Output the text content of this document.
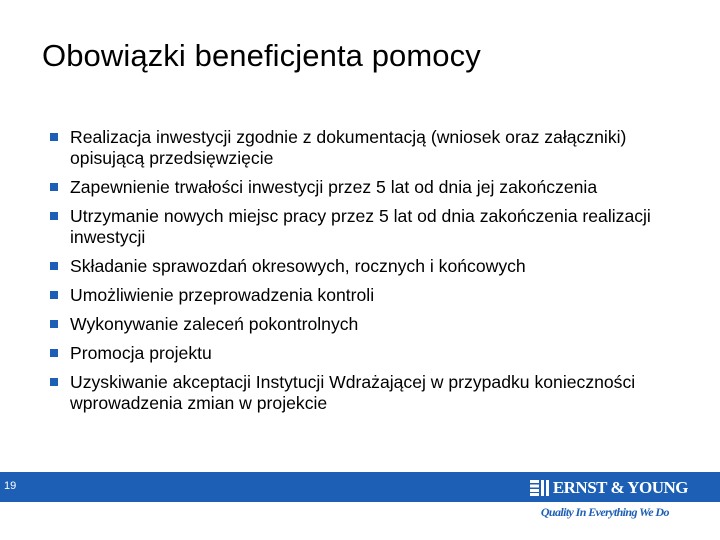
Obowiązki beneficjenta pomocy
Realizacja inwestycji zgodnie z dokumentacją (wniosek oraz załączniki) opisującą przedsięwzięcie
Zapewnienie trwałości inwestycji przez 5 lat od dnia jej zakończenia
Utrzymanie nowych miejsc pracy przez 5 lat od dnia zakończenia realizacji inwestycji
Składanie sprawozdań okresowych, rocznych i końcowych
Umożliwienie przeprowadzenia kontroli
Wykonywanie zaleceń pokontrolnych
Promocja projektu
Uzyskiwanie akceptacji Instytucji Wdrażającej w przypadku konieczności wprowadzenia zmian w projekcie
19	ERNST & YOUNG
Quality In Everything We Do
